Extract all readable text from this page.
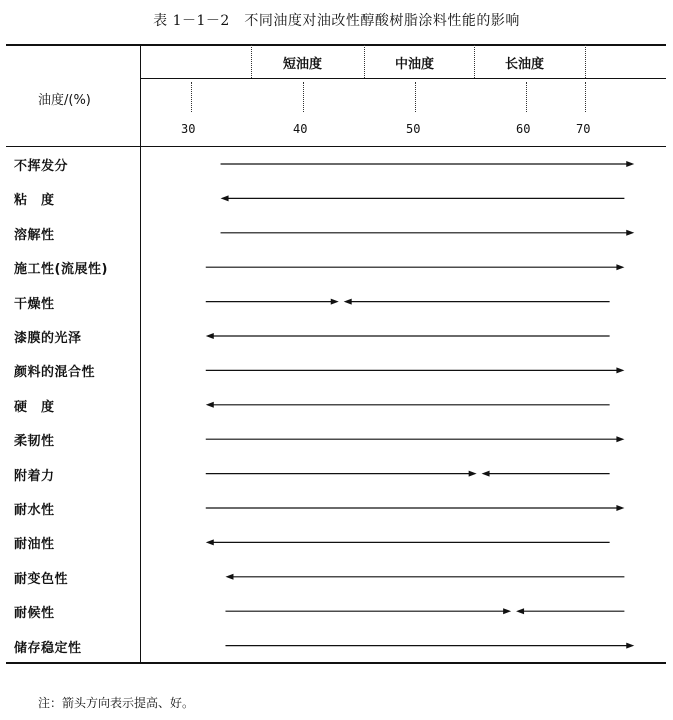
表 1－1－2　不同油度对油改性醇酸树脂涂料性能的影响
短油度	中油度	长油度
油度/(%)
30	40	50	60	70
不挥发分
粘　度
溶解性
施工性(流展性)
干燥性
漆膜的光泽
颜料的混合性
硬　度
柔韧性
附着力
耐水性
耐油性
耐变色性
耐候性
储存稳定性
注：箭头方向表示提高、好。
